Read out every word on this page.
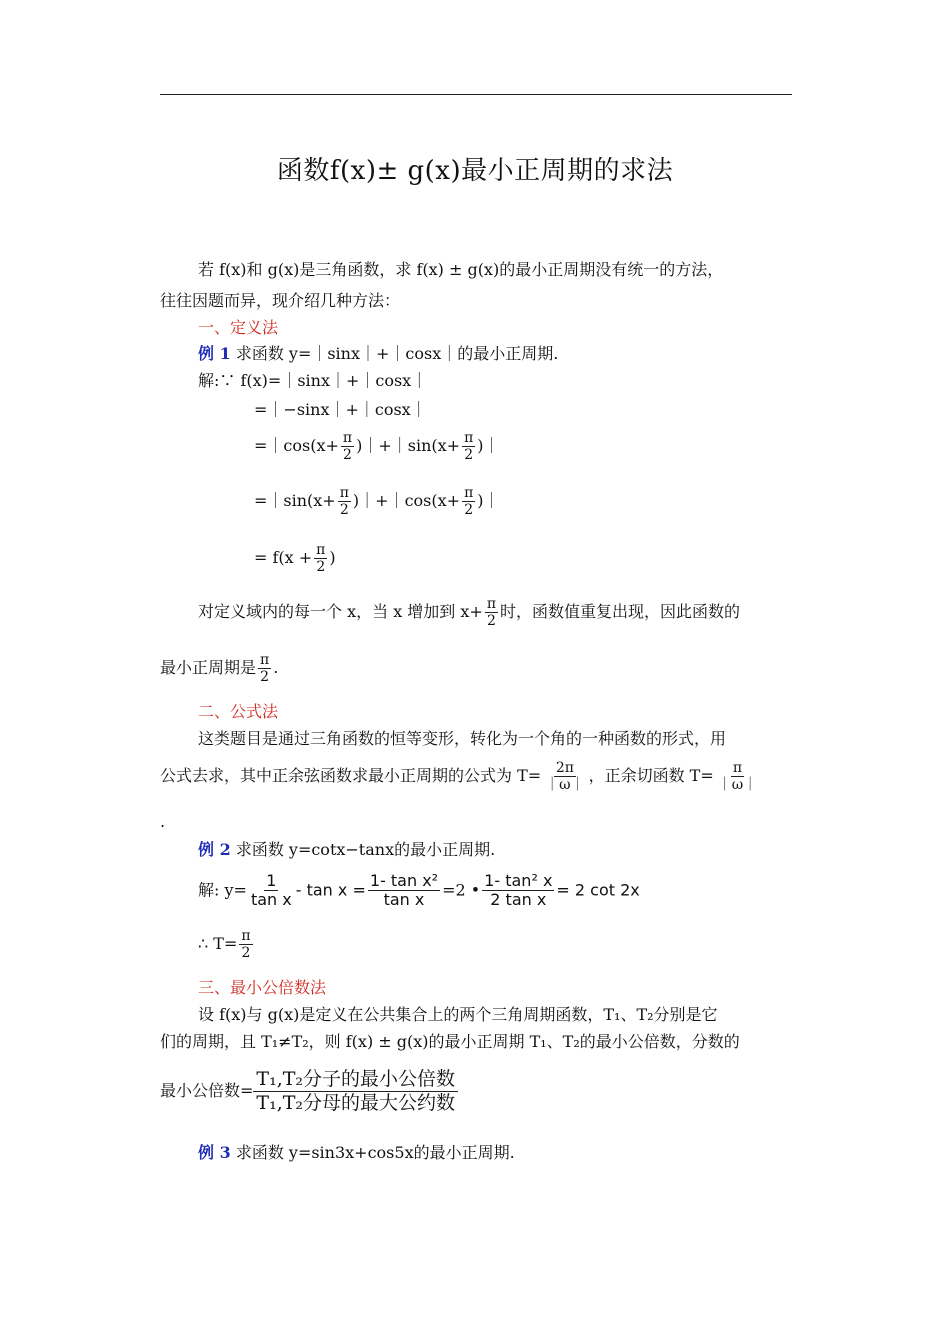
函数f(x)± g(x)最小正周期的求法
若 f(x)和 g(x)是三角函数，求 f(x) ± g(x)的最小正周期没有统一的方法，
往往因题而异，现介绍几种方法：
一、定义法
例 1 求函数 y=｜sinx｜+｜cosx｜的最小正周期.
解:∵ f(x)=｜sinx｜+｜cosx｜
=｜−sinx｜+｜cosx｜
=｜cos(x+ $\frac{\pi}{2}$ )｜+｜sin(x+ $\frac{\pi}{2}$ )｜
=｜sin(x+ $\frac{\pi}{2}$ )｜+｜cos(x+ $\frac{\pi}{2}$ )｜
= $f(x + \frac{\pi}{2}$ )
对定义域内的每一个 x，当 x 增加到 $x+ \frac{\pi}{2}$ 时，函数值重复出现，因此函数的
最小正周期是 $\frac{\pi}{2}$ .
二、公式法
这类题目是通过三角函数的恒等变形，转化为一个角的一种函数的形式，用
公式去求，其中正余弦函数求最小正周期的公式为 $T= \frac{2\pi}{|\omega|}$ ，正余切函数 $T= \frac{\pi}{|\omega|}$
.
例 2 求函数 y=cotx−tanx的最小正周期.
解: $y= \frac{1}{\text{tan x}} - \tan x = \frac{\text{1- tan x²}}{\text{tan x}} =2$ • $\frac{\text{1- tan² x}}{\text{2 tan x}} = 2$ cot 2x
∴ $T= \frac{\pi}{2}$
三、最小公倍数法
设 f(x)与 g(x)是定义在公共集合上的两个三角周期函数，T₁、T₂分别是它
们的周期，且 T₁≠T₂，则 f(x) ± g(x)的最小正周期 T₁、T₂的最小公倍数，分数的
最小公倍数= $\frac{\text{T₁,T₂分子的最小公倍数}}{\text{T₁,T₂分母的最大公约数}}$
例 3 求函数 y=sin3x+cos5x的最小正周期.
